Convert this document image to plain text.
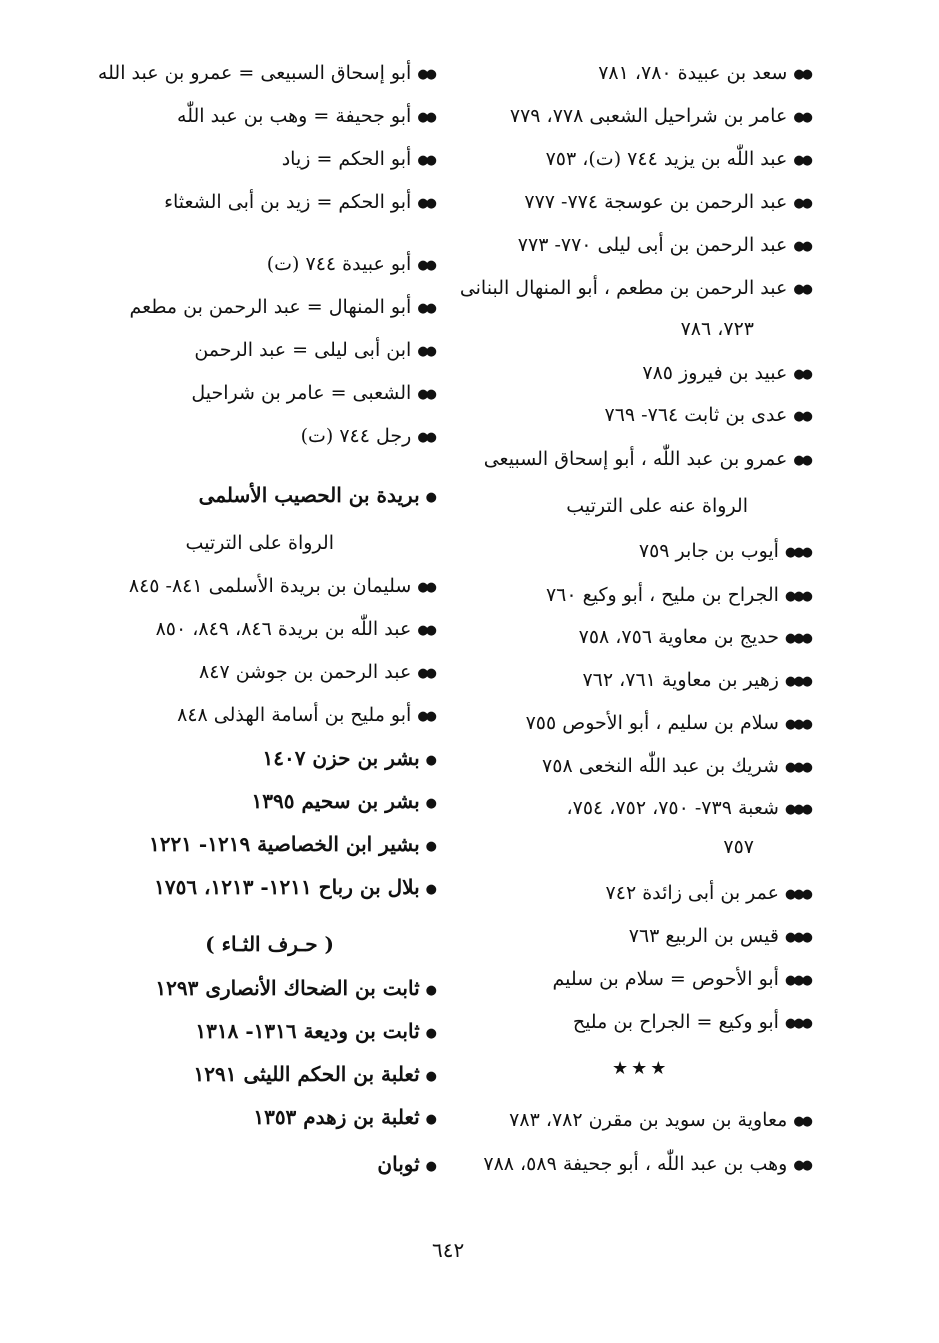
●●سعد بن عبيدة ٧٨٠، ٧٨١
●●عامر بن شراحيل الشعبى ٧٧٨، ٧٧٩
●●عبد اللّٰه بن يزيد ٧٤٤ (ت)، ٧٥٣
●●عبد الرحمن بن عوسجة ٧٧٤- ٧٧٧
●●عبد الرحمن بن أبى ليلى ٧٧٠- ٧٧٣
●●عبد الرحمن بن مطعم ، أبو المنهال البنانى
٧٢٣، ٧٨٦
●●عبيد بن فيروز ٧٨٥
●●عدى بن ثابت ٧٦٤- ٧٦٩
●●عمرو بن عبد اللّٰه ، أبو إسحاق السبيعى
الرواة عنه على الترتيب
●●●أيوب بن جابر ٧٥٩
●●●الجراح بن مليح ، أبو وكيع ٧٦٠
●●●حديج بن معاوية ٧٥٦، ٧٥٨
●●●زهير بن معاوية ٧٦١، ٧٦٢
●●●سلام بن سليم ، أبو الأحوص ٧٥٥
●●●شريك بن عبد اللّٰه النخعى ٧٥٨
●●●شعبة ٧٣٩- ٧٥٠، ٧٥٢، ٧٥٤،
٧٥٧
●●●عمر بن أبى زائدة ٧٤٢
●●●قيس بن الربيع ٧٦٣
●●●أبو الأحوص = سلام بن سليم
●●●أبو وكيع = الجراح بن مليح
●●معاوية بن سويد بن مقرن ٧٨٢، ٧٨٣
●●وهب بن عبد اللّٰه ، أبو جحيفة ٥٨٩، ٧٨٨
★★★
●●أبو إسحاق السبيعى = عمرو بن عبد الله
●●أبو جحيفة = وهب بن عبد اللّٰه
●●أبو الحكم = زياد
●●أبو الحكم = زيد بن أبى الشعثاء
●●أبو عبيدة ٧٤٤ (ت)
●●أبو المنهال = عبد الرحمن بن مطعم
●●ابن أبى ليلى = عبد الرحمن
●●الشعبى = عامر بن شراحيل
●●رجل ٧٤٤ (ت)
●بريدة بن الحصيب الأسلمى
الرواة على الترتيب
●●سليمان بن بريدة الأسلمى ٨٤١- ٨٤٥
●●عبد اللّٰه بن بريدة ٨٤٦، ٨٤٩، ٨٥٠
●●عبد الرحمن بن جوشن ٨٤٧
●●أبو مليح بن أسامة الهذلى ٨٤٨
●بشر بن حزن ١٤٠٧
●بشر بن سحيم ١٣٩٥
●بشير ابن الخصاصية ١٢١٩- ١٢٢١
●بلال بن رباح ١٢١١- ١٢١٣، ١٧٥٦
( حـرف الثـاء )
●ثابت بن الضحاك الأنصارى ١٢٩٣
●ثابت بن وديعة ١٣١٦- ١٣١٨
●ثعلبة بن الحكم الليثى ١٢٩١
●ثعلبة بن زهدم ١٣٥٣
●ثوبان
٦٤٢
